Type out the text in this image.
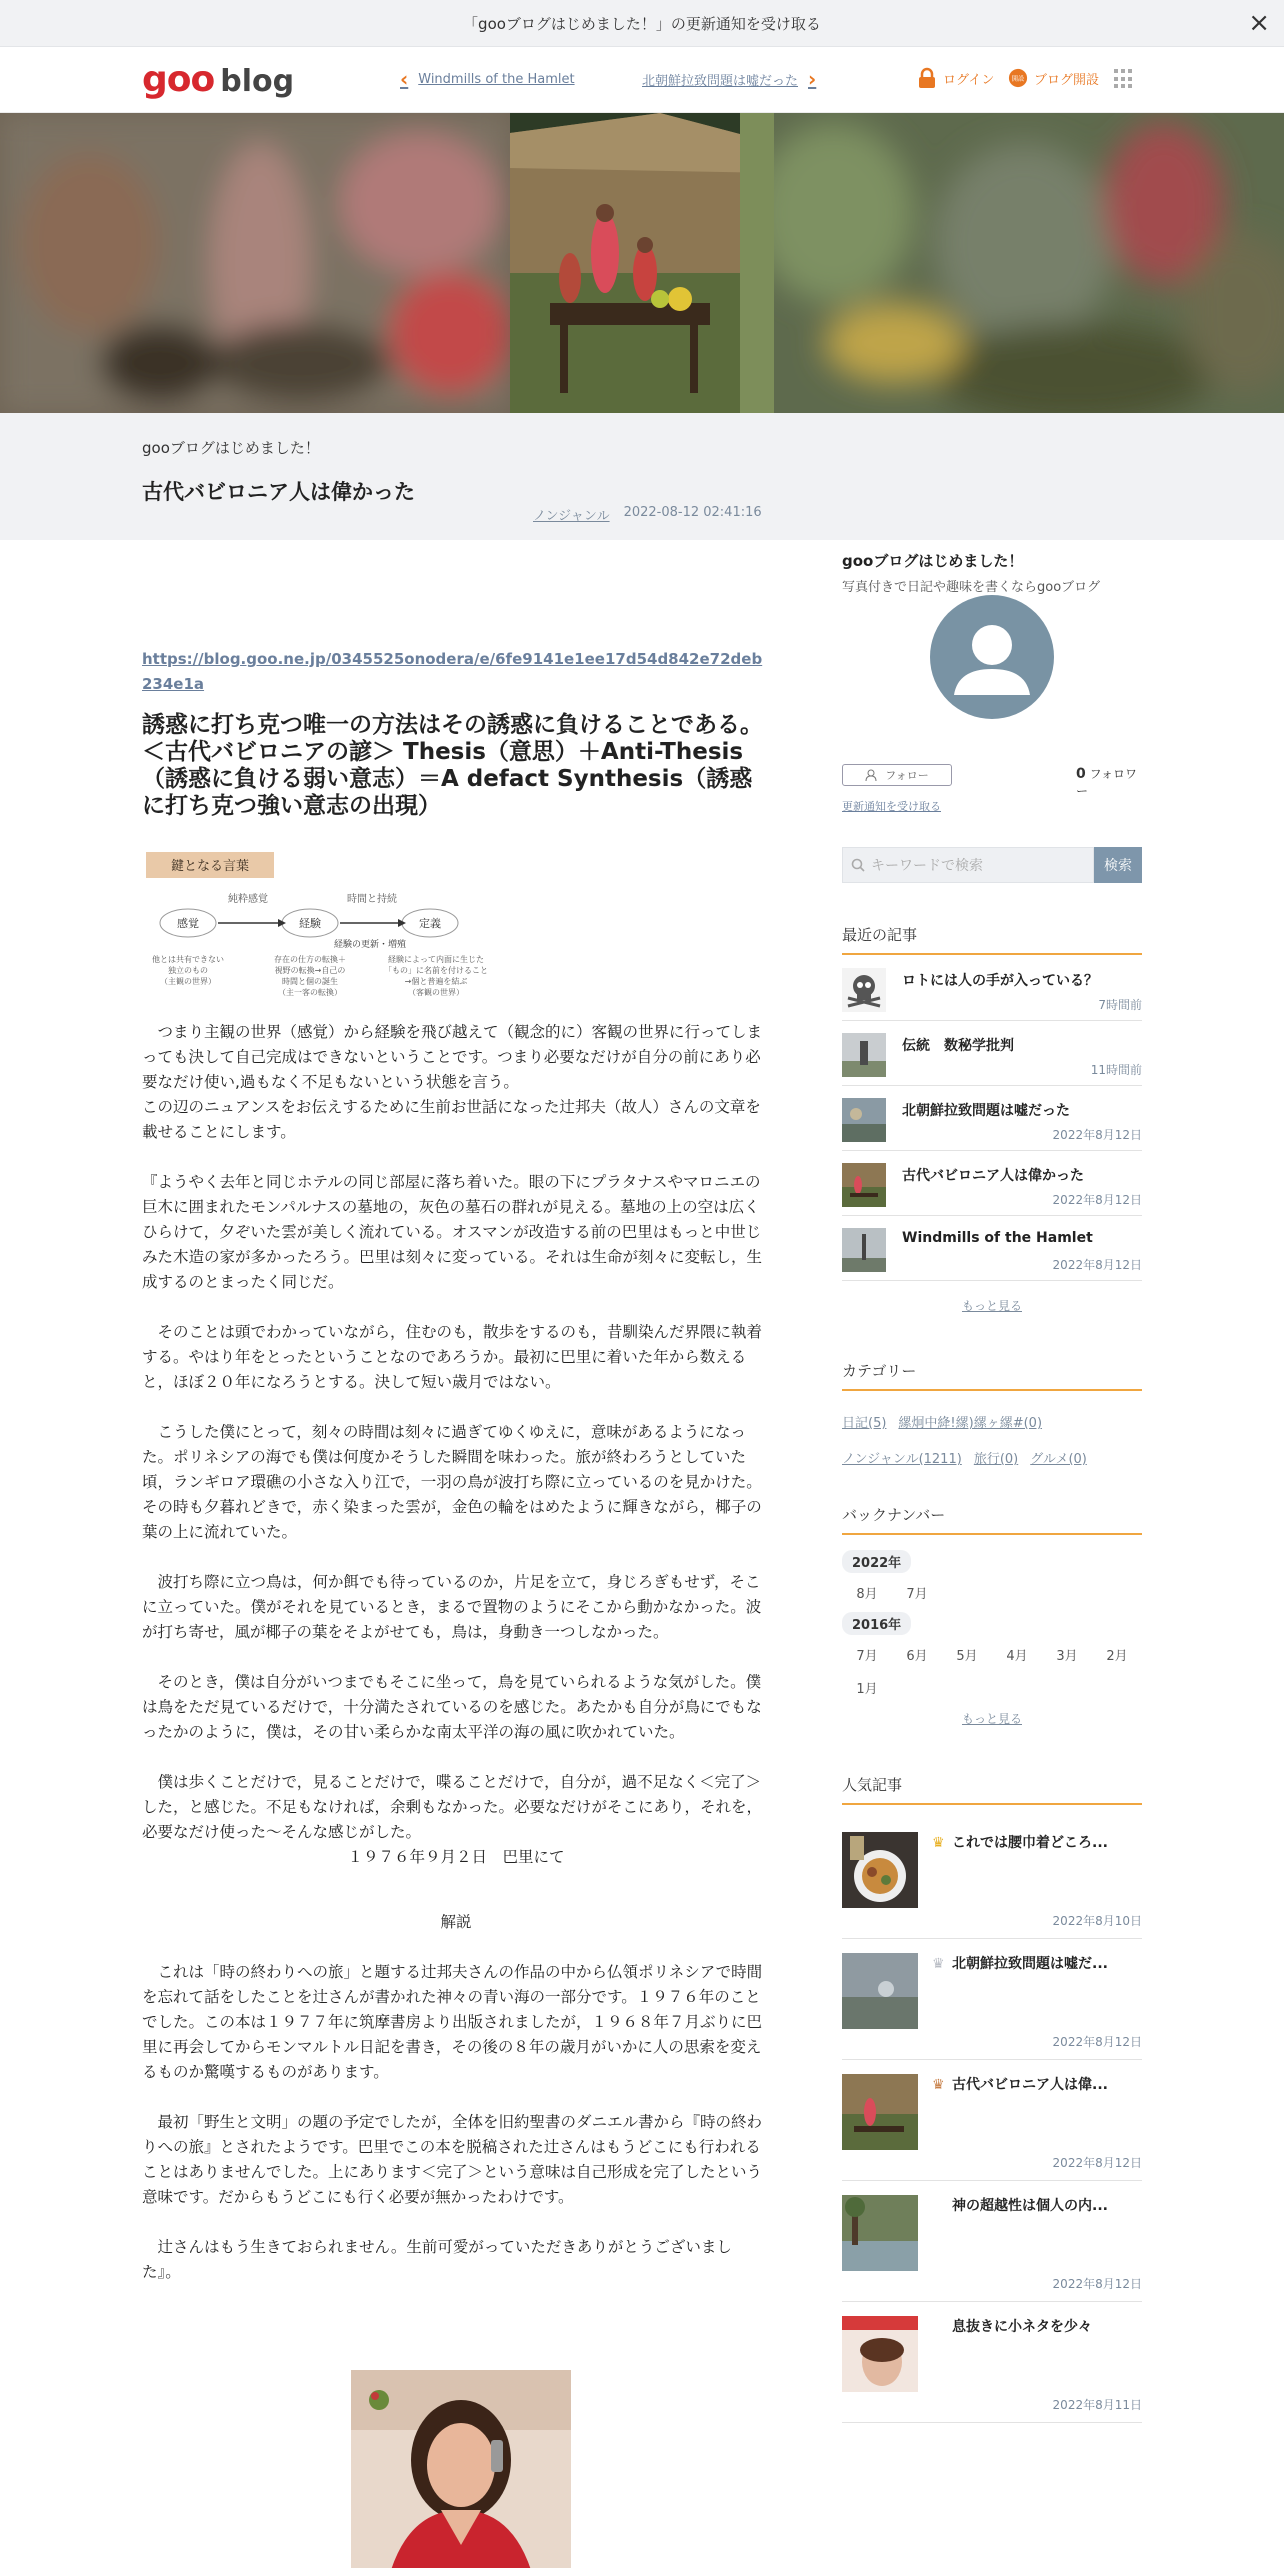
「gooブログはじめました！」の更新通知を受け取る	×
goo blog	‹ Windmills of the Hamlet	北朝鮮拉致問題は嘘だった ›	ログイン 開設 ブログ開設
gooブログはじめました！
古代バビロニア人は偉かった
ノンジャンル 2022-08-12 02:41:16
https://blog.goo.ne.jp/0345525onodera/e/6fe9141e1ee17d54d842e72deb234e1a
誘惑に打ち克つ唯一の方法はその誘惑に負けることである。＜古代バビロニアの諺＞ Thesis（意思）＋Anti-Thesis（誘惑に負ける弱い意志）＝A defact Synthesis（誘惑に打ち克つ強い意志の出現）
鍵となる言葉
純粋感覚	時間と持続
感覚	経験	定義
経験の更新・増殖
他とは共有できない独立のもの（主観の世界）
存在の仕方の転換＋視野の転換→自己の時間と個の誕生（主一客の転換）
経験によって内面に生じた「もの」に名前を付けること→個と普遍を結ぶ（客観の世界）

　つまり主観の世界（感覚）から経験を飛び越えて（観念的に）客観の世界に行ってしまっても決して自己完成はできないということです。つまり必要なだけが自分の前にあり必要なだけ使い,過もなく不足もないという状態を言う。
この辺のニュアンスをお伝えするために生前お世話になった辻邦夫（故人）さんの文章を載せることにします。

『ようやく去年と同じホテルの同じ部屋に落ち着いた。眼の下にプラタナスやマロニエの巨木に囲まれたモンパルナスの墓地の，灰色の墓石の群れが見える。墓地の上の空は広くひらけて，夕ぞいた雲が美しく流れている。オスマンが改造する前の巴里はもっと中世じみた木造の家が多かったろう。巴里は刻々に変っている。それは生命が刻々に変転し，生成するのとまったく同じだ。

　そのことは頭でわかっていながら，住むのも，散歩をするのも，昔馴染んだ界隈に執着する。やはり年をとったということなのであろうか。最初に巴里に着いた年から数えると，ほぼ２０年になろうとする。決して短い歳月ではない。

　こうした僕にとって，刻々の時間は刻々に過ぎてゆくゆえに，意味があるようになった。ポリネシアの海でも僕は何度かそうした瞬間を味わった。旅が終わろうとしていた頃，ランギロア環礁の小さな入り江で，一羽の鳥が波打ち際に立っているのを見かけた。その時も夕暮れどきで，赤く染まった雲が，金色の輪をはめたように輝きながら，椰子の葉の上に流れていた。

　波打ち際に立つ鳥は，何か餌でも待っているのか，片足を立て，身じろぎもせず，そこに立っていた。僕がそれを見ているとき，まるで置物のようにそこから動かなかった。波が打ち寄せ，風が椰子の葉をそよがせても，鳥は，身動き一つしなかった。

　そのとき，僕は自分がいつまでもそこに坐って，鳥を見ていられるような気がした。僕は鳥をただ見ているだけで，十分満たされているのを感じた。あたかも自分が鳥にでもなったかのように，僕は，その甘い柔らかな南太平洋の海の風に吹かれていた。

　僕は歩くことだけで，見ることだけで，喋ることだけで，自分が，過不足なく＜完了＞した，と感じた。不足もなければ，余剰もなかった。必要なだけがそこにあり，それを，必要なだけ使った～そんな感じがした。

１９７６年９月２日　巴里にて

解説

　これは「時の終わりへの旅」と題する辻邦夫さんの作品の中から仏領ポリネシアで時間を忘れて話をしたことを辻さんが書かれた神々の青い海の一部分です。１９７６年のことでした。この本は１９７７年に筑摩書房より出版されましたが，１９６８年７月ぶりに巴里に再会してからモンマルトル日記を書き，その後の８年の歳月がいかに人の思索を変えるものか驚嘆するものがあります。

　最初「野生と文明」の題の予定でしたが，全体を旧約聖書のダニエル書から『時の終わりへの旅』とされたようです。巴里でこの本を脱稿された辻さんはもうどこにも行われることはありませんでした。上にあります＜完了＞という意味は自己形成を完了したという意味です。だからもうどこにも行く必要が無かったわけです。

　辻さんはもう生きておられません。生前可愛がっていただきありがとうございました』。

gooブログはじめました！
写真付きで日記や趣味を書くならgooブログ
フォロー	0 フォロワー
更新通知を受け取る
キーワードで検索	検索
最近の記事
ロトには人の手が入っている？
7時間前
伝統　数秘学批判
11時間前
北朝鮮拉致問題は嘘だった
2022年8月12日
古代バビロニア人は偉かった
2022年8月12日
Windmills of the Hamlet
2022年8月12日
もっと見る
カテゴリー
日記(5) 縲炯中絳!縲)縲ヶ縲#(0)
ノンジャンル(1211) 旅行(0) グルメ(0)
バックナンバー
2022年
8月 7月
2016年
7月 6月 5月 4月 3月 2月
1月
もっと見る
人気記事
♛ これでは腰巾着どころ...
2022年8月10日
♛ 北朝鮮拉致問題は嘘だ...
2022年8月12日
♛ 古代バビロニア人は偉...
2022年8月12日
神の超越性は個人の内...
2022年8月12日
息抜きに小ネタを少々
2022年8月11日
